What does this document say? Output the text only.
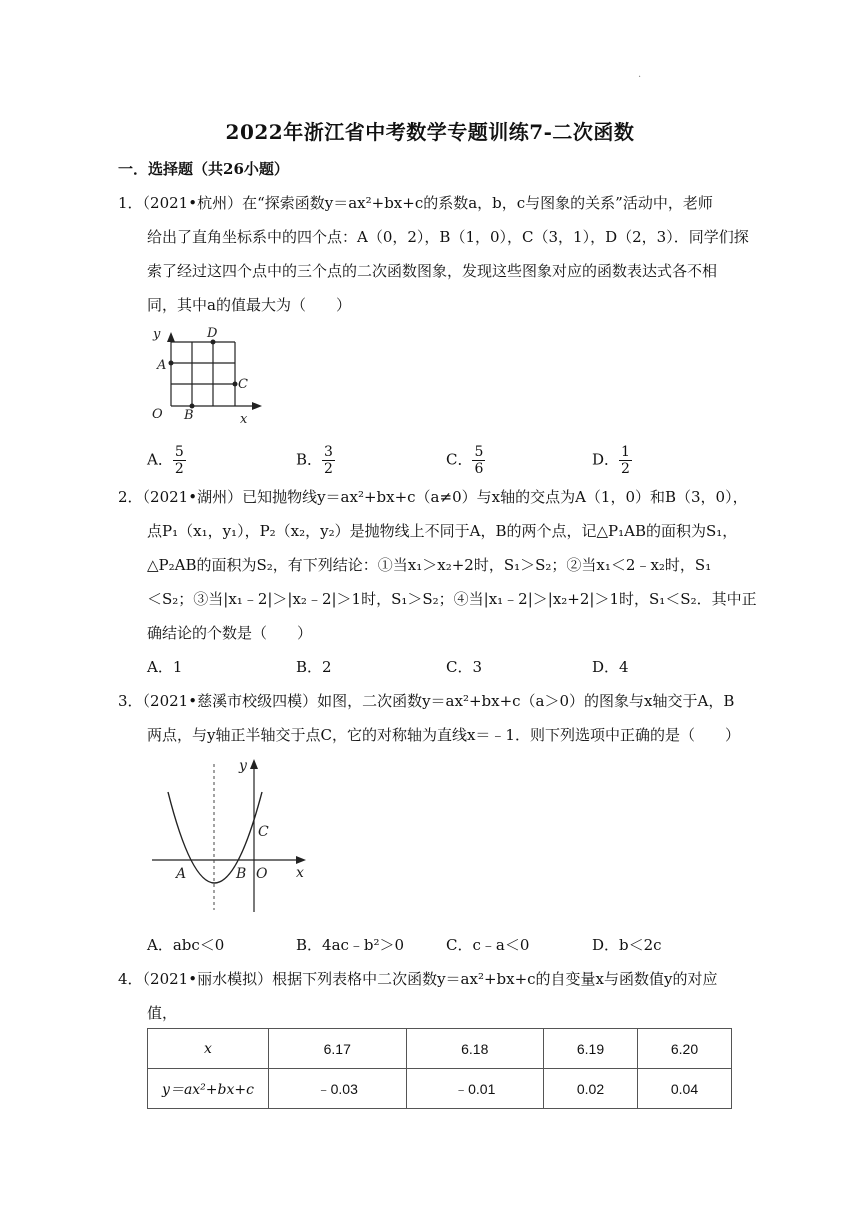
·
2022年浙江省中考数学专题训练7-二次函数
一．选择题（共26小题）
1．（2021•杭州）在“探索函数y＝ax²+bx+c的系数a，b，c与图象的关系”活动中，老师
给出了直角坐标系中的四个点：A（0，2），B（1，0），C（3，1），D（2，3）．同学们探
索了经过这四个点中的三个点的二次函数图象，发现这些图象对应的函数表达式各不相
同，其中a的值最大为（　　）
y
x
O
A
B
C
D
A． $\frac{5}{2}$	B． $\frac{3}{2}$	C． $\frac{5}{6}$	D． $\frac{1}{2}$
2．（2021•湖州）已知抛物线y＝ax²+bx+c（a≠0）与x轴的交点为A（1，0）和B（3，0），
点P₁（x₁，y₁），P₂（x₂，y₂）是抛物线上不同于A，B的两个点，记△P₁AB的面积为S₁，
△P₂AB的面积为S₂，有下列结论：①当x₁＞x₂+2时，S₁＞S₂；②当x₁＜2﹣x₂时，S₁
＜S₂；③当|x₁﹣2|＞|x₂﹣2|＞1时，S₁＞S₂；④当|x₁﹣2|＞|x₂+2|＞1时，S₁＜S₂．其中正
确结论的个数是（　　）
A．1	B．2	C．3	D．4
3．（2021•慈溪市校级四模）如图，二次函数y＝ax²+bx+c（a＞0）的图象与x轴交于A，B
两点，与y轴正半轴交于点C，它的对称轴为直线x＝﹣1．则下列选项中正确的是（　　）
y
x
O
A	B
C
A．abc＜0	B．4ac﹣b²＞0	C．c﹣a＜0	D．b＜2c
4．（2021•丽水模拟）根据下列表格中二次函数y＝ax²+bx+c的自变量x与函数值y的对应
值，
x	6.17	6.18	6.19	6.20
y＝ax²+bx+c	﹣0.03	﹣0.01	0.02	0.04
